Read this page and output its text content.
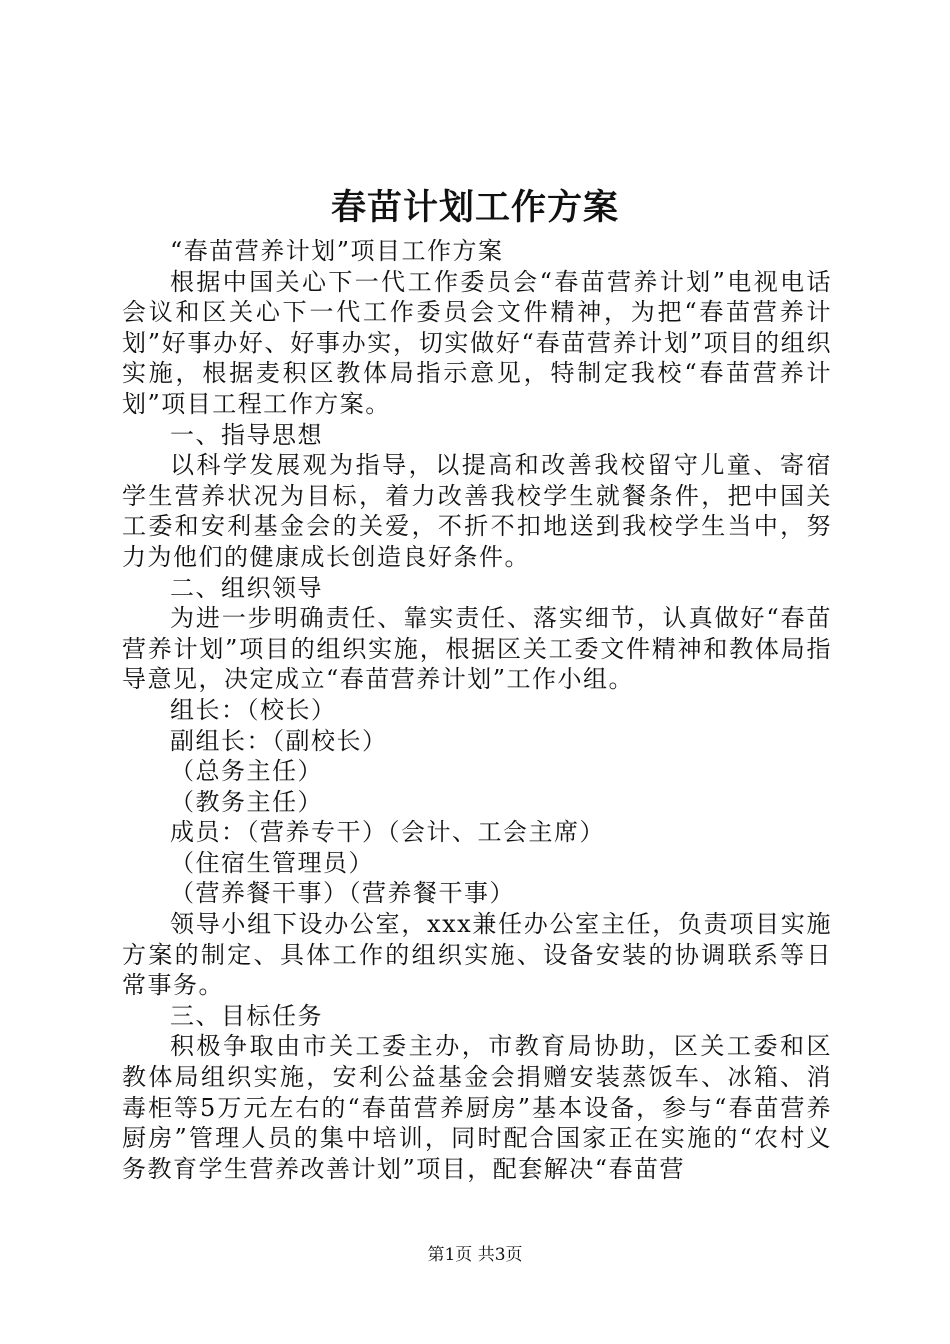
春苗计划工作方案

“春苗营养计划”项目工作方案

根据中国关心下一代工作委员会“春苗营养计划”电视电话会议和区关心下一代工作委员会文件精神，为把“春苗营养计划”好事办好、好事办实，切实做好“春苗营养计划”项目的组织实施，根据麦积区教体局指示意见，特制定我校“春苗营养计划”项目工程工作方案。

一、指导思想

以科学发展观为指导，以提高和改善我校留守儿童、寄宿学生营养状况为目标，着力改善我校学生就餐条件，把中国关工委和安利基金会的关爱，不折不扣地送到我校学生当中，努力为他们的健康成长创造良好条件。

二、组织领导

为进一步明确责任、靠实责任、落实细节，认真做好“春苗营养计划”项目的组织实施，根据区关工委文件精神和教体局指导意见，决定成立“春苗营养计划”工作小组。

组长：（校长）

副组长：（副校长）

（总务主任）

（教务主任）

成员：（营养专干）（会计、工会主席）

（住宿生管理员）

（营养餐干事）（营养餐干事）

领导小组下设办公室，xxx兼任办公室主任，负责项目实施方案的制定、具体工作的组织实施、设备安装的协调联系等日常事务。

三、目标任务

积极争取由市关工委主办，市教育局协助，区关工委和区教体局组织实施，安利公益基金会捐赠安装蒸饭车、冰箱、消毒柜等5万元左右的“春苗营养厨房”基本设备，参与“春苗营养厨房”管理人员的集中培训，同时配合国家正在实施的“农村义务教育学生营养改善计划”项目，配套解决“春苗营

第1页 共3页
